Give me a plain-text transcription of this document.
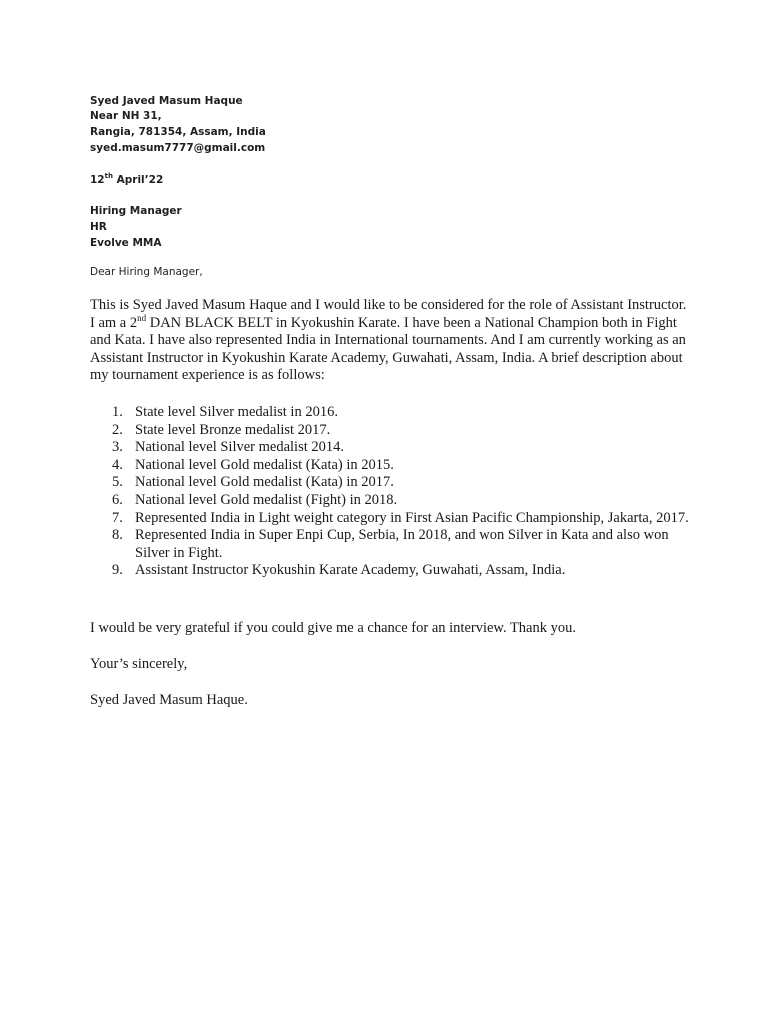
Syed Javed Masum Haque
Near NH 31,
Rangia, 781354, Assam, India
syed.masum7777@gmail.com
12th April’22
Hiring Manager
HR
Evolve MMA
Dear Hiring Manager,
This is Syed Javed Masum Haque and I would like to be considered for the role of Assistant Instructor. I am a 2nd DAN BLACK BELT in Kyokushin Karate. I have been a National Champion both in Fight and Kata. I have also represented India in International tournaments. And I am currently working as an Assistant Instructor in Kyokushin Karate Academy, Guwahati, Assam, India. A brief description about my tournament experience is as follows:
1. State level Silver medalist in 2016.
2. State level Bronze medalist 2017.
3. National level Silver medalist 2014.
4. National level Gold medalist (Kata) in 2015.
5. National level Gold medalist (Kata) in 2017.
6. National level Gold medalist (Fight) in 2018.
7. Represented India in Light weight category in First Asian Pacific Championship, Jakarta, 2017.
8. Represented India in Super Enpi Cup, Serbia, In 2018, and won Silver in Kata and also won Silver in Fight.
9. Assistant Instructor Kyokushin Karate Academy, Guwahati, Assam, India.
I would be very grateful if you could give me a chance for an interview. Thank you.
Your’s sincerely,
Syed Javed Masum Haque.
